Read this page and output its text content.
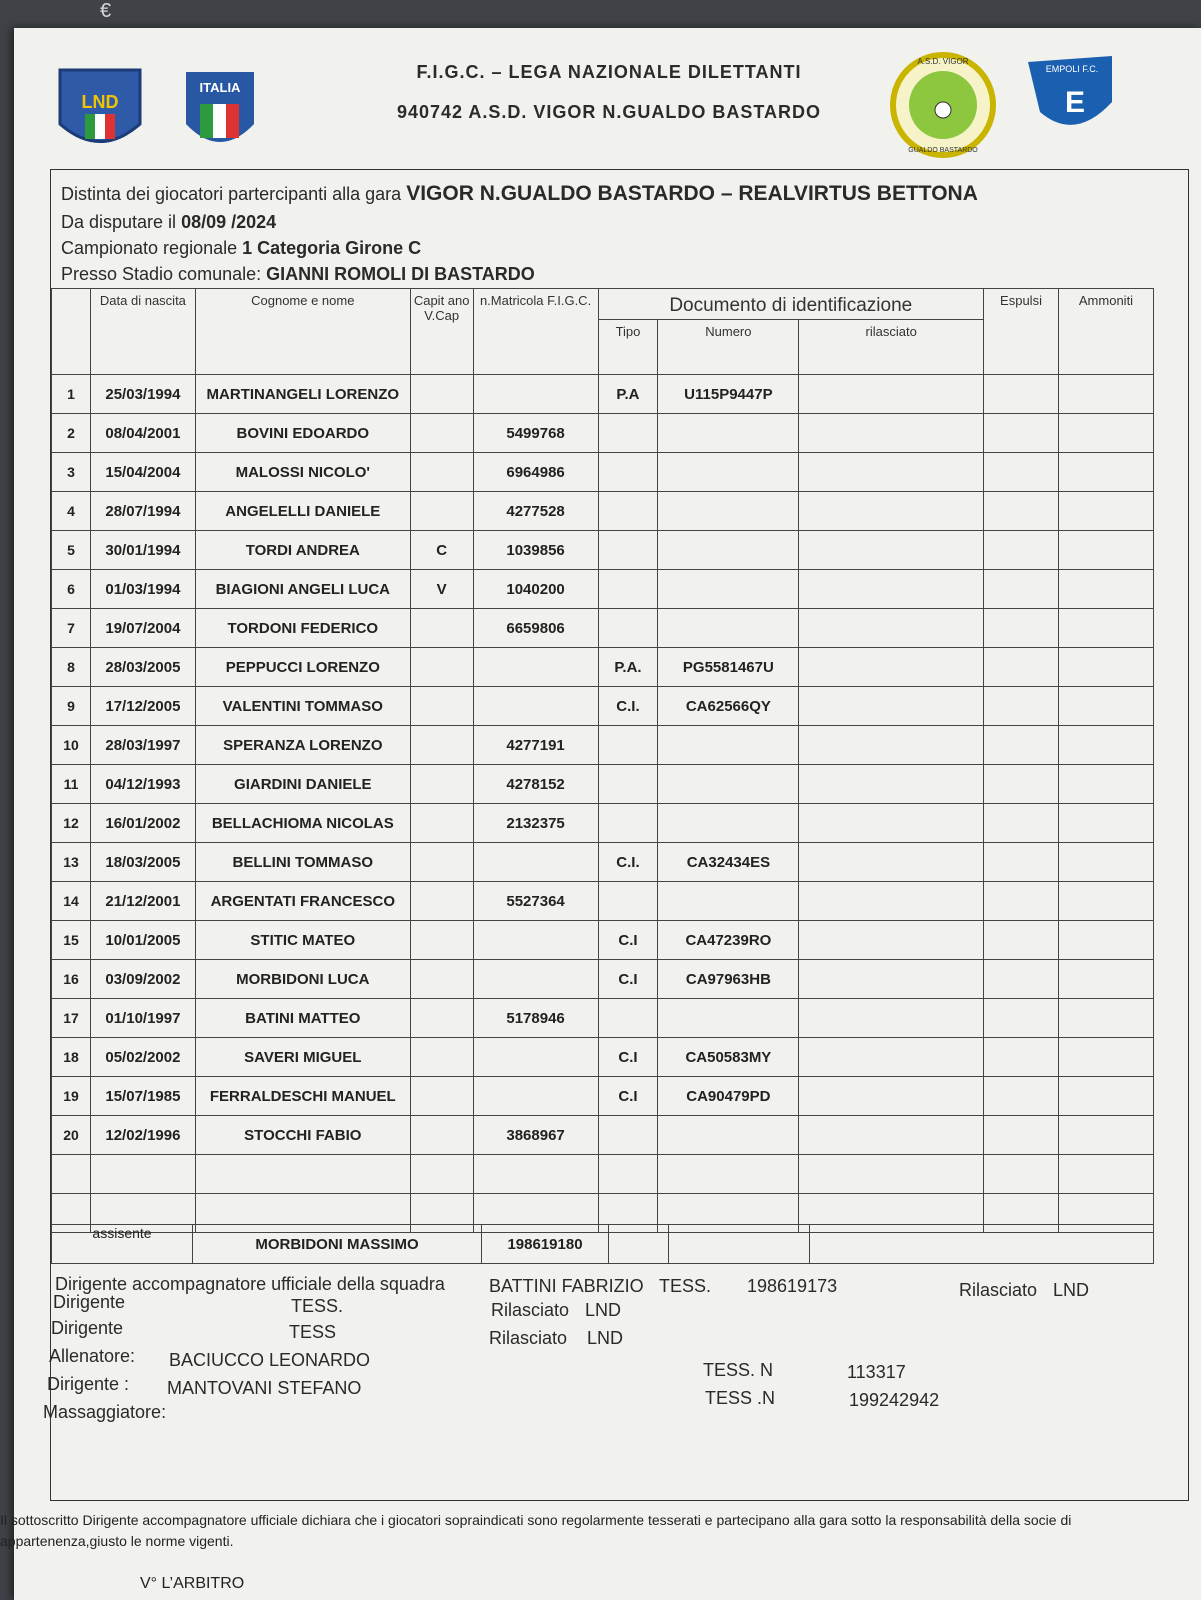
€
LND
ITALIA
F.I.G.C. – LEGA NAZIONALE DILETTANTI
940742 A.S.D. VIGOR N.GUALDO BASTARDO
A.S.D. VIGOR
GUALDO BASTARDO
EMPOLI F.C.
E
Distinta dei giocatori partercipanti alla gara VIGOR N.GUALDO BASTARDO – REALVIRTUS BETTONA
Da disputare il 08/09 /2024
Campionato regionale 1 Categoria Girone C
Presso Stadio comunale: GIANNI ROMOLI DI BASTARDO
	Data di nascita	Cognome e nome	Capit ano V.Cap	n.Matricola F.I.G.C.	Documento di identificazione			Espulsi	Ammoniti
					Tipo	Numero	rilasciato		
1	25/03/1994	MARTINANGELI LORENZO			P.A	U115P9447P			
2	08/04/2001	BOVINI EDOARDO		5499768					
3	15/04/2004	MALOSSI NICOLO'		6964986					
4	28/07/1994	ANGELELLI DANIELE		4277528					
5	30/01/1994	TORDI ANDREA	C	1039856					
6	01/03/1994	BIAGIONI ANGELI LUCA	V	1040200					
7	19/07/2004	TORDONI FEDERICO		6659806					
8	28/03/2005	PEPPUCCI LORENZO			P.A.	PG5581467U			
9	17/12/2005	VALENTINI TOMMASO			C.I.	CA62566QY			
10	28/03/1997	SPERANZA LORENZO		4277191					
11	04/12/1993	GIARDINI DANIELE		4278152					
12	16/01/2002	BELLACHIOMA NICOLAS		2132375					
13	18/03/2005	BELLINI TOMMASO			C.I.	CA32434ES			
14	21/12/2001	ARGENTATI FRANCESCO		5527364					
15	10/01/2005	STITIC MATEO			C.I	CA47239RO			
16	03/09/2002	MORBIDONI LUCA			C.I	CA97963HB			
17	01/10/1997	BATINI MATTEO		5178946					
18	05/02/2002	SAVERI MIGUEL			C.I	CA50583MY			
19	15/07/1985	FERRALDESCHI MANUEL			C.I	CA90479PD			
20	12/02/1996	STOCCHI FABIO		3868967					

assisente	MORBIDONI MASSIMO	198619180			
Dirigente accompagnatore ufficiale della squadra BATTINI FABRIZIO TESS. 198619173	Rilasciato LND
Dirigente	TESS.	Rilasciato LND
Dirigente	TESS	Rilasciato LND
Allenatore: BACIUCCO LEONARDO	TESS. N	113317
Dirigente : MANTOVANI STEFANO	TESS .N	199242942
Massaggiatore:
Il sottoscritto Dirigente accompagnatore ufficiale dichiara che i giocatori sopraindicati sono regolarmente tesserati e partecipano alla gara sotto la responsabilità della socie di appartenenza,giusto le norme vigenti.
V° L’ARBITRO
